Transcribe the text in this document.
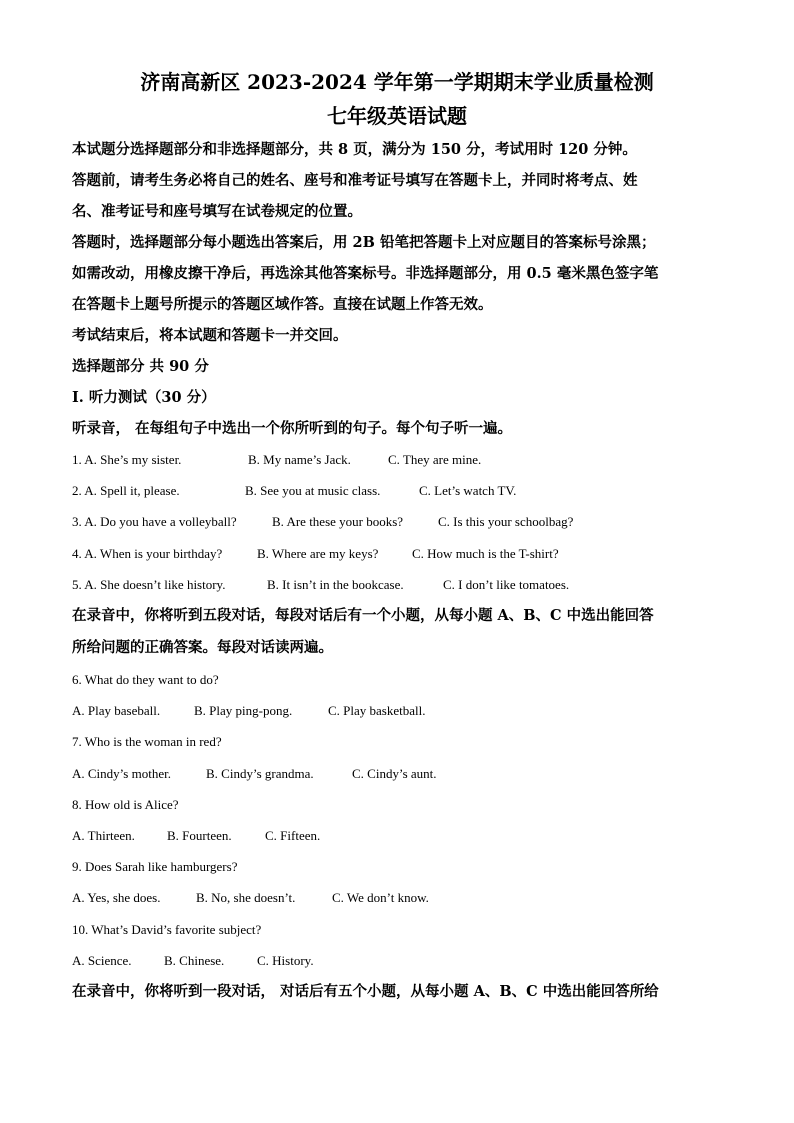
济南高新区 2023-2024 学年第一学期期末学业质量检测
七年级英语试题
本试题分选择题部分和非选择题部分，共 8 页，满分为 150 分，考试用时 120 分钟。
答题前，请考生务必将自己的姓名、座号和准考证号填写在答题卡上，并同时将考点、姓
名、准考证号和座号填写在试卷规定的位置。
答题时，选择题部分每小题选出答案后，用 2B 铅笔把答题卡上对应题目的答案标号涂黑；
如需改动，用橡皮擦干净后，再选涂其他答案标号。非选择题部分，用 0.5 毫米黑色签字笔
在答题卡上题号所提示的答题区域作答。直接在试题上作答无效。
考试结束后，将本试题和答题卡一并交回。
选择题部分 共 90 分
Ⅰ. 听力测试（30 分）
听录音， 在每组句子中选出一个你所听到的句子。每个句子听一遍。
1. A. She’s my sister.	B. My name’s Jack.	C. They are mine.
2. A. Spell it, please.	B. See you at music class.	C. Let’s watch TV.
3. A. Do you have a volleyball?	B. Are these your books?	C. Is this your schoolbag?
4. A. When is your birthday?	B. Where are my keys?	C. How much is the T-shirt?
5. A. She doesn’t like history.	B. It isn’t in the bookcase.	C. I don’t like tomatoes.
在录音中，你将听到五段对话，每段对话后有一个小题，从每小题 A、B、C 中选出能回答
所给问题的正确答案。每段对话读两遍。
6. What do they want to do?
A. Play baseball.	B. Play ping-pong.	C. Play basketball.
7. Who is the woman in red?
A. Cindy’s mother.	B. Cindy’s grandma.	C. Cindy’s aunt.
8. How old is Alice?
A. Thirteen. B. Fourteen.	C. Fifteen.
9. Does Sarah like hamburgers?
A. Yes, she does.	B. No, she doesn’t.	C. We don’t know.
10. What’s David’s favorite subject?
A. Science. B. Chinese.	C. History.
在录音中，你将听到一段对话， 对话后有五个小题，从每小题 A、B、C 中选出能回答所给
